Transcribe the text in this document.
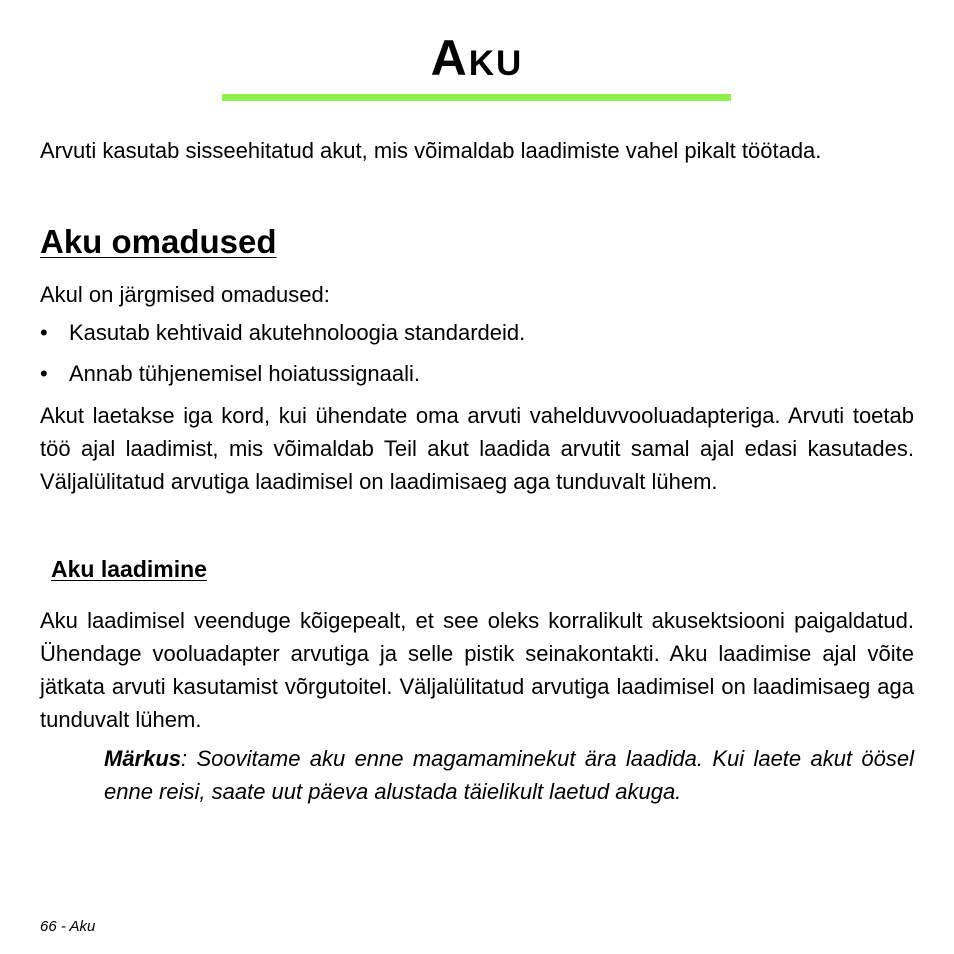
Aku

Arvuti kasutab sisseehitatud akut, mis võimaldab laadimiste vahel pikalt töötada.

Aku omadused

Akul on järgmised omadused:

• Kasutab kehtivaid akutehnoloogia standardeid.
• Annab tühjenemisel hoiatussignaali.

Akut laetakse iga kord, kui ühendate oma arvuti vahelduvvooluadapteriga. Arvuti toetab töö ajal laadimist, mis võimaldab Teil akut laadida arvutit samal ajal edasi kasutades. Väljalülitatud arvutiga laadimisel on laadimisaeg aga tunduvalt lühem.

Aku laadimine

Aku laadimisel veenduge kõigepealt, et see oleks korralikult akusektsiooni paigaldatud. Ühendage vooluadapter arvutiga ja selle pistik seinakontakti. Aku laadimise ajal võite jätkata arvuti kasutamist võrgutoitel. Väljalülitatud arvutiga laadimisel on laadimisaeg aga tunduvalt lühem.

Märkus: Soovitame aku enne magamaminekut ära laadida. Kui laete akut öösel enne reisi, saate uut päeva alustada täielikult laetud akuga.

66 - Aku
